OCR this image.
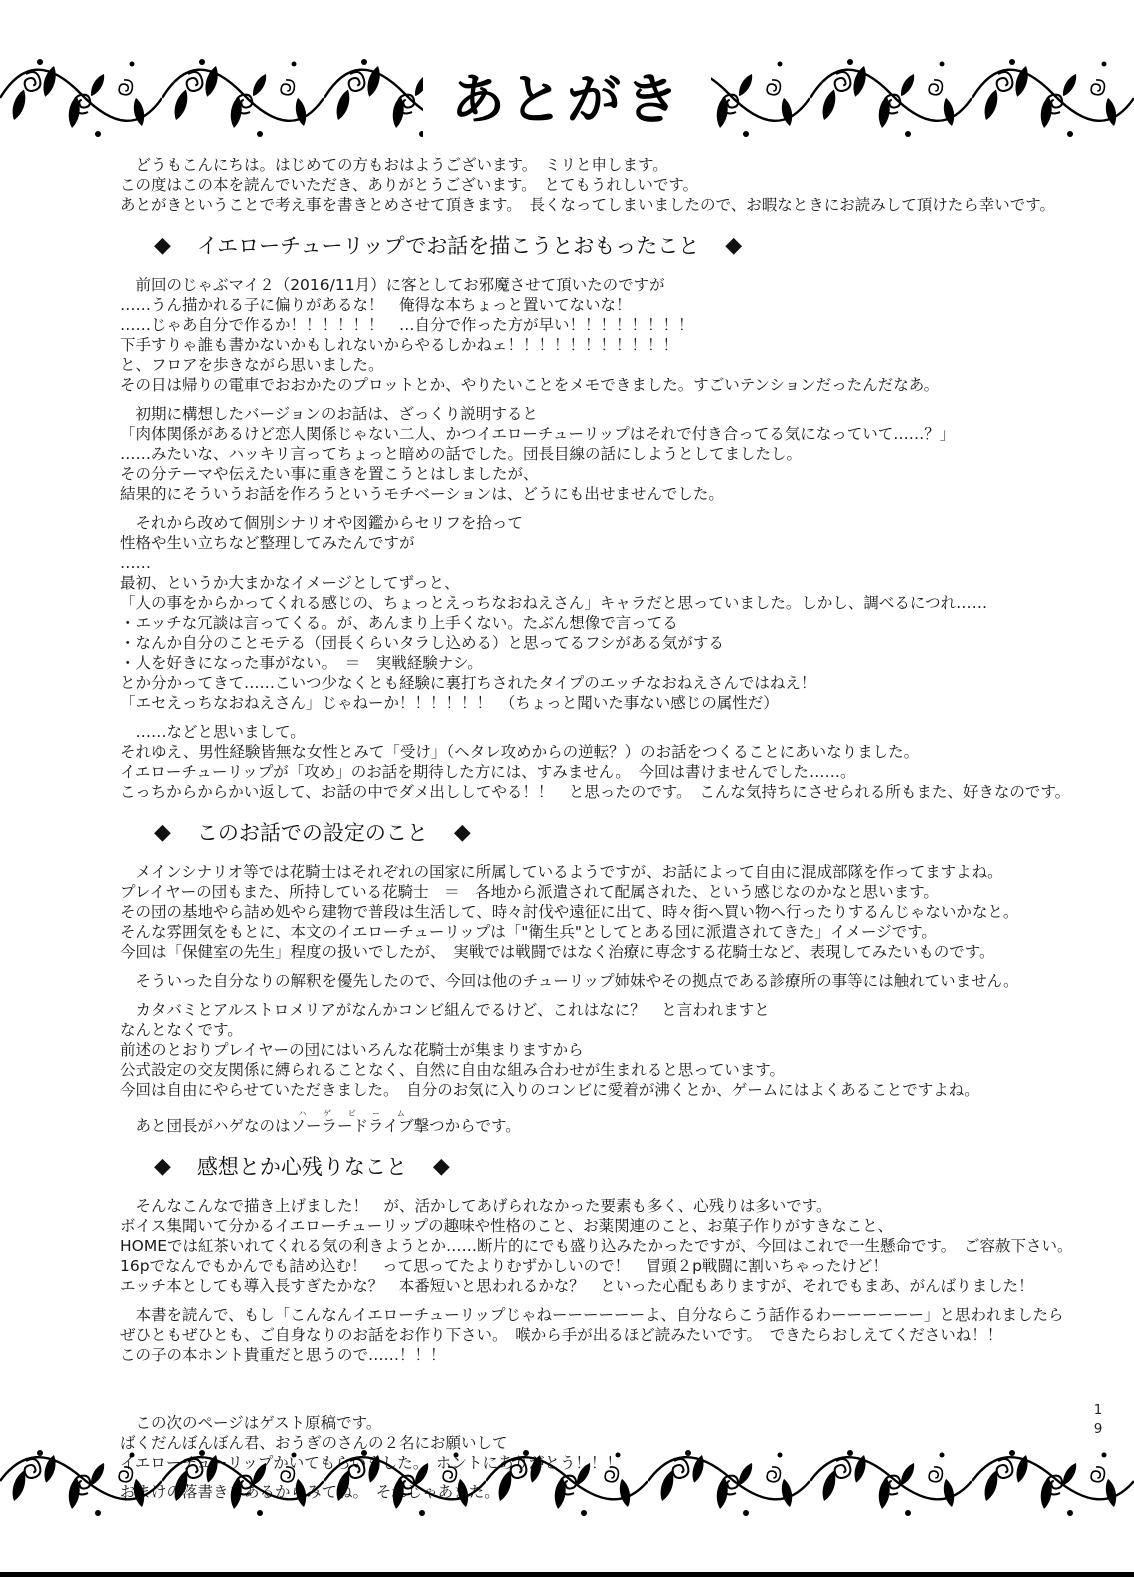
あとがき
　どうもこんにちは。はじめての方もおはようございます。　ミリと申します。
この度はこの本を読んでいただき、ありがとうございます。　とてもうれしいです。
あとがきということで考え事を書きとめさせて頂きます。　長くなってしまいましたので、お暇なときにお読みして頂けたら幸いです。
◆ イエローチューリップでお話を描こうとおもったこと ◆
　前回のじゃぶマイ２（2016/11月）に客としてお邪魔させて頂いたのですが
……うん描かれる子に偏りがあるな！　俺得な本ちょっと置いてないな！
……じゃあ自分で作るか！！！！！！　…自分で作った方が早い！！！！！！！！
下手すりゃ誰も書かないかもしれないからやるしかねェ！！！！！！！！！！！
と、フロアを歩きながら思いました。
その日は帰りの電車でおおかたのプロットとか、やりたいことをメモできました。すごいテンションだったんだなあ。
　初期に構想したバージョンのお話は、ざっくり説明すると
「肉体関係があるけど恋人関係じゃない二人、かつイエローチューリップはそれで付き合ってる気になっていて……？」
……みたいな、ハッキリ言ってちょっと暗めの話でした。団長目線の話にしようとしてましたし。
その分テーマや伝えたい事に重きを置こうとはしましたが、
結果的にそういうお話を作ろうというモチベーションは、どうにも出せませんでした。
　それから改めて個別シナリオや図鑑からセリフを拾って
性格や生い立ちなど整理してみたんですが
……
最初、というか大まかなイメージとしてずっと、
「人の事をからかってくれる感じの、ちょっとえっちなおねえさん」キャラだと思っていました。しかし、調べるにつれ……
・エッチな冗談は言ってくる。が、あんまり上手くない。たぶん想像で言ってる
・なんか自分のことモテる（団長くらいタラし込める）と思ってるフシがある気がする
・人を好きになった事がない。　＝　実戦経験ナシ。
とか分かってきて……こいつ少なくとも経験に裏打ちされたタイプのエッチなおねえさんではねえ！
「エセえっちなおねえさん」じゃねーか！！！！！！　（ちょっと聞いた事ない感じの属性だ）
　……などと思いまして。
それゆえ、男性経験皆無な女性とみて「受け」（ヘタレ攻めからの逆転？）のお話をつくることにあいなりました。
イエローチューリップが「攻め」のお話を期待した方には、すみません。　今回は書けませんでした……。
こっちからからかい返して、お話の中でダメ出ししてやる！！　と思ったのです。　こんな気持ちにさせられる所もまた、好きなのです。
◆ このお話での設定のこと ◆
　メインシナリオ等では花騎士はそれぞれの国家に所属しているようですが、お話によって自由に混成部隊を作ってますよね。
プレイヤーの団もまた、所持している花騎士　＝　各地から派遣されて配属された、という感じなのかなと思います。
その団の基地やら詰め処やら建物で普段は生活して、時々討伐や遠征に出て、時々街へ買い物へ行ったりするんじゃないかなと。
そんな雰囲気をもとに、本文のイエローチューリップは「"衛生兵"としてとある団に派遣されてきた」イメージです。
今回は「保健室の先生」程度の扱いでしたが、　実戦では戦闘ではなく治療に専念する花騎士など、表現してみたいものです。
　そういった自分なりの解釈を優先したので、今回は他のチューリップ姉妹やその拠点である診療所の事等には触れていません。
　カタバミとアルストロメリアがなんかコンビ組んでるけど、これはなに？　と言われますと
なんとなくです。
前述のとおりプレイヤーの団にはいろんな花騎士が集まりますから
公式設定の交友関係に縛られることなく、自然に自由な組み合わせが生まれると思っています。
今回は自由にやらせていただきました。　自分のお気に入りのコンビに愛着が沸くとか、ゲームにはよくあることですよね。
　あと団長がハゲなのはソーラードライブハゲビーム撃つからです。
◆ 感想とか心残りなこと ◆
　そんなこんなで描き上げました！　が、活かしてあげられなかった要素も多く、心残りは多いです。
ボイス集聞いて分かるイエローチューリップの趣味や性格のこと、お薬関連のこと、お菓子作りがすきなこと、
HOMEでは紅茶いれてくれる気の利きようとか……断片的にでも盛り込みたかったですが、今回はこれで一生懸命です。　ご容赦下さい。
16pでなんでもかんでも詰め込む！　って思ってたよりむずかしいので！　冒頭２p戦闘に割いちゃったけど！
エッチ本としても導入長すぎたかな？　本番短いと思われるかな？　といった心配もありますが、それでもまあ、がんばりました！
　本書を読んで、もし「こんなんイエローチューリップじゃねーーーーーーよ、自分ならこう話作るわーーーーーー」と思われましたら
ぜひともぜひとも、ご自身なりのお話をお作り下さい。　喉から手が出るほど読みたいです。　できたらおしえてくださいね！！
この子の本ホント貴重だと思うので……！！！
　この次のページはゲスト原稿です。	19
